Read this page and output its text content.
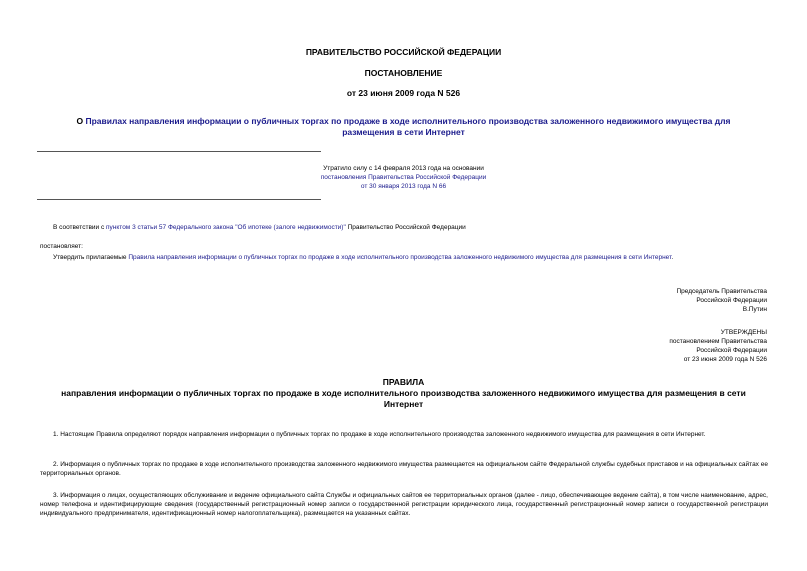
ПРАВИТЕЛЬСТВО РОССИЙСКОЙ ФЕДЕРАЦИИ
ПОСТАНОВЛЕНИЕ
от 23 июня 2009 года N 526
О Правилах направления информации о публичных торгах по продаже в ходе исполнительного производства заложенного недвижимого имущества для
размещения в сети Интернет
Утратило силу с 14 февраля 2013 года на основании
постановления Правительства Российской Федерации
от 30 января 2013 года N 66
В соответствии с пунктом 3 статьи 57 Федерального закона "Об ипотеке (залоге недвижимости)" Правительство Российской Федерации
постановляет:
Утвердить прилагаемые Правила направления информации о публичных торгах по продаже в ходе исполнительного производства заложенного недвижимого имущества для размещения в сети Интернет.
Председатель Правительства
Российской Федерации
В.Путин
УТВЕРЖДЕНЫ
постановлением Правительства
Российской Федерации
от 23 июня 2009 года N 526
ПРАВИЛА
направления информации о публичных торгах по продаже в ходе исполнительного производства заложенного недвижимого имущества для размещения в сети
Интернет
1. Настоящие Правила определяют порядок направления информации о публичных торгах по продаже в ходе исполнительного производства заложенного недвижимого имущества для размещения в сети Интернет.
2. Информация о публичных торгах по продаже в ходе исполнительного производства заложенного недвижимого имущества размещается на официальном сайте Федеральной службы судебных приставов и на официальных сайтах ее территориальных органов.
3. Информация о лицах, осуществляющих обслуживание и ведение официального сайта Службы и официальных сайтов ее территориальных органов (далее - лицо, обеспечивающее ведение сайта), в том числе наименование, адрес, номер телефона и идентифицирующие сведения (государственный регистрационный номер записи о государственной регистрации юридического лица, государственный регистрационный номер записи о государственной регистрации индивидуального предпринимателя, идентификационный номер налогоплательщика), размещается на указанных сайтах.
